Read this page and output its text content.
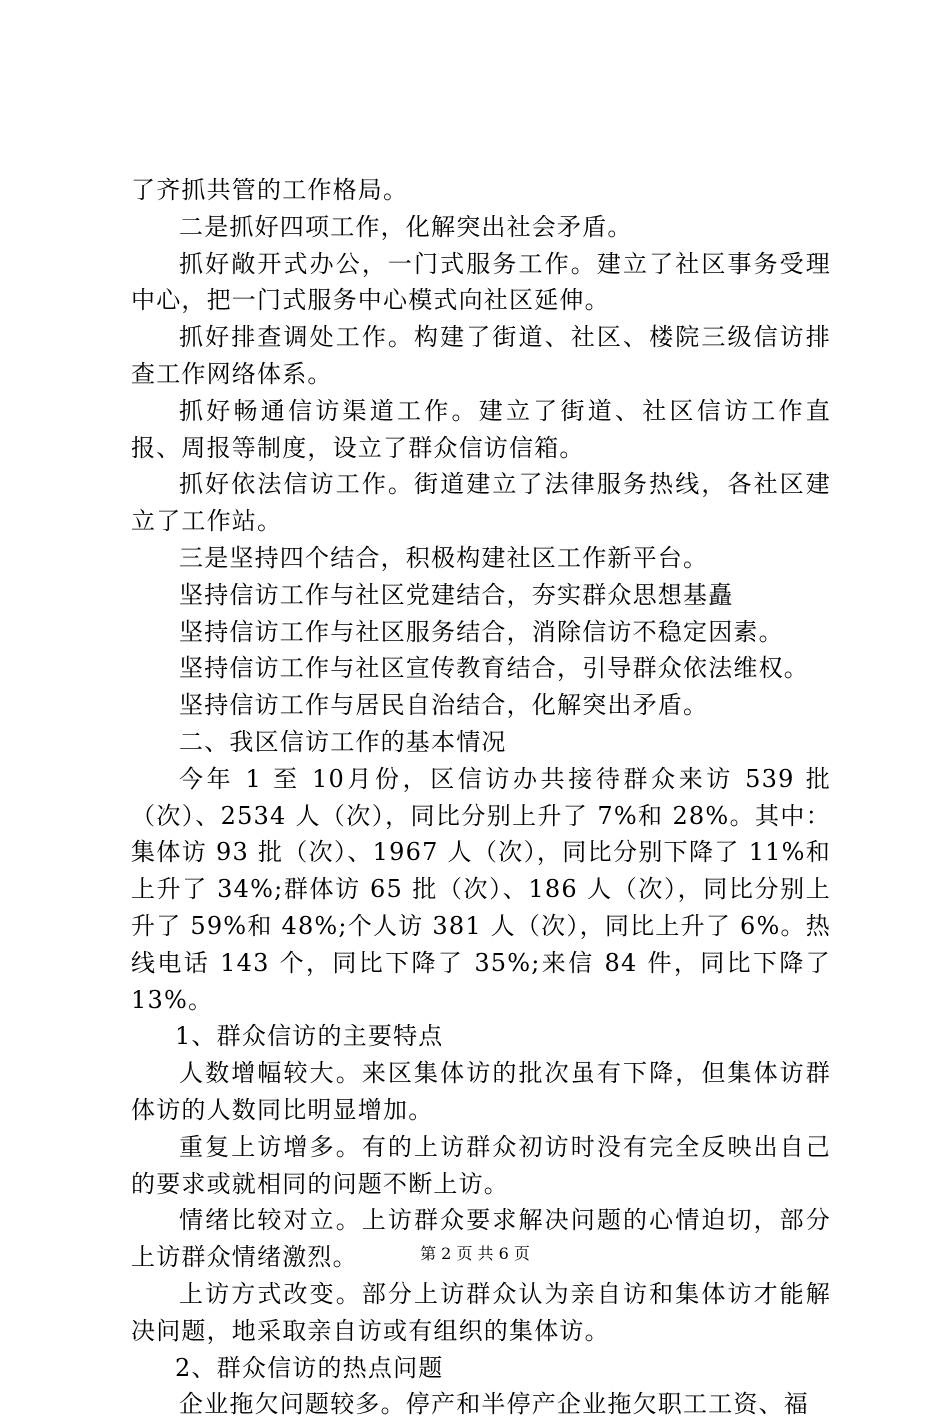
了齐抓共管的工作格局。

二是抓好四项工作，化解突出社会矛盾。

抓好敞开式办公，一门式服务工作。建立了社区事务受理中心，把一门式服务中心模式向社区延伸。

抓好排查调处工作。构建了街道、社区、楼院三级信访排查工作网络体系。

抓好畅通信访渠道工作。建立了街道、社区信访工作直报、周报等制度，设立了群众信访信箱。

抓好依法信访工作。街道建立了法律服务热线，各社区建立了工作站。

三是坚持四个结合，积极构建社区工作新平台。

坚持信访工作与社区党建结合，夯实群众思想基矗

坚持信访工作与社区服务结合，消除信访不稳定因素。

坚持信访工作与社区宣传教育结合，引导群众依法维权。

坚持信访工作与居民自治结合，化解突出矛盾。

二、我区信访工作的基本情况

今年 1 至 10月份，区信访办共接待群众来访 539 批（次）、2534 人（次），同比分别上升了 7%和 28%。其中：集体访 93 批（次）、1967 人（次），同比分别下降了 11%和上升了 34%;群体访 65 批（次）、186 人（次），同比分别上升了 59%和 48%;个人访 381 人（次），同比上升了 6%。热线电话 143 个，同比下降了 35%;来信 84 件，同比下降了 13%。

1、群众信访的主要特点

人数增幅较大。来区集体访的批次虽有下降，但集体访群体访的人数同比明显增加。

重复上访增多。有的上访群众初访时没有完全反映出自己的要求或就相同的问题不断上访。

情绪比较对立。上访群众要求解决问题的心情迫切，部分上访群众情绪激烈。

上访方式改变。部分上访群众认为亲自访和集体访才能解决问题，地采取亲自访或有组织的集体访。

2、群众信访的热点问题

企业拖欠问题较多。停产和半停产企业拖欠职工工资、福

第 2 页 共 6 页
